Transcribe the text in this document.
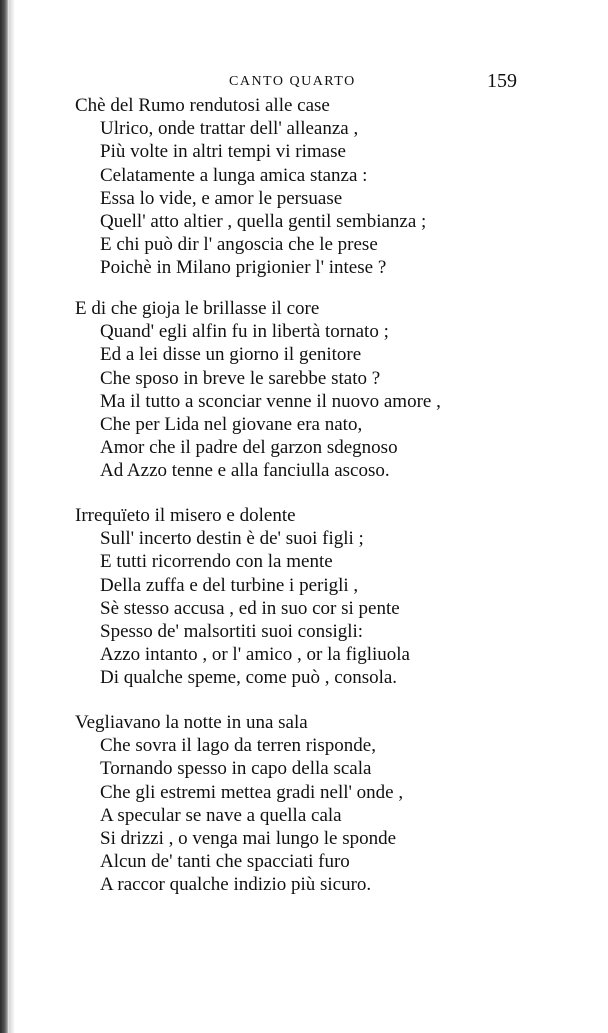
CANTO QUARTO	159
Chè del Rumo rendutosi alle case
Ulrico, onde trattar dell' alleanza ,
Più volte in altri tempi vi rimase
Celatamente a lunga amica stanza :
Essa lo vide, e amor le persuase
Quell' atto altier , quella gentil sembianza ;
E chi può dir l' angoscia che le prese
Poichè in Milano prigionier l' intese ?
E di che gioja le brillasse il core
Quand' egli alfin fu in libertà tornato ;
Ed a lei disse un giorno il genitore
Che sposo in breve le sarebbe stato ?
Ma il tutto a sconciar venne il nuovo amore ,
Che per Lida nel giovane era nato,
Amor che il padre del garzon sdegnoso
Ad Azzo tenne e alla fanciulla ascoso.
Irrequïeto il misero e dolente
Sull' incerto destin è de' suoi figli ;
E tutti ricorrendo con la mente
Della zuffa e del turbine i perigli ,
Sè stesso accusa , ed in suo cor si pente
Spesso de' malsortiti suoi consigli:
Azzo intanto , or l' amico , or la figliuola
Di qualche speme, come può , consola.
Vegliavano la notte in una sala
Che sovra il lago da terren risponde,
Tornando spesso in capo della scala
Che gli estremi mettea gradi nell' onde ,
A specular se nave a quella cala
Si drizzi , o venga mai lungo le sponde
Alcun de' tanti che spacciati furo
A raccor qualche indizio più sicuro.
